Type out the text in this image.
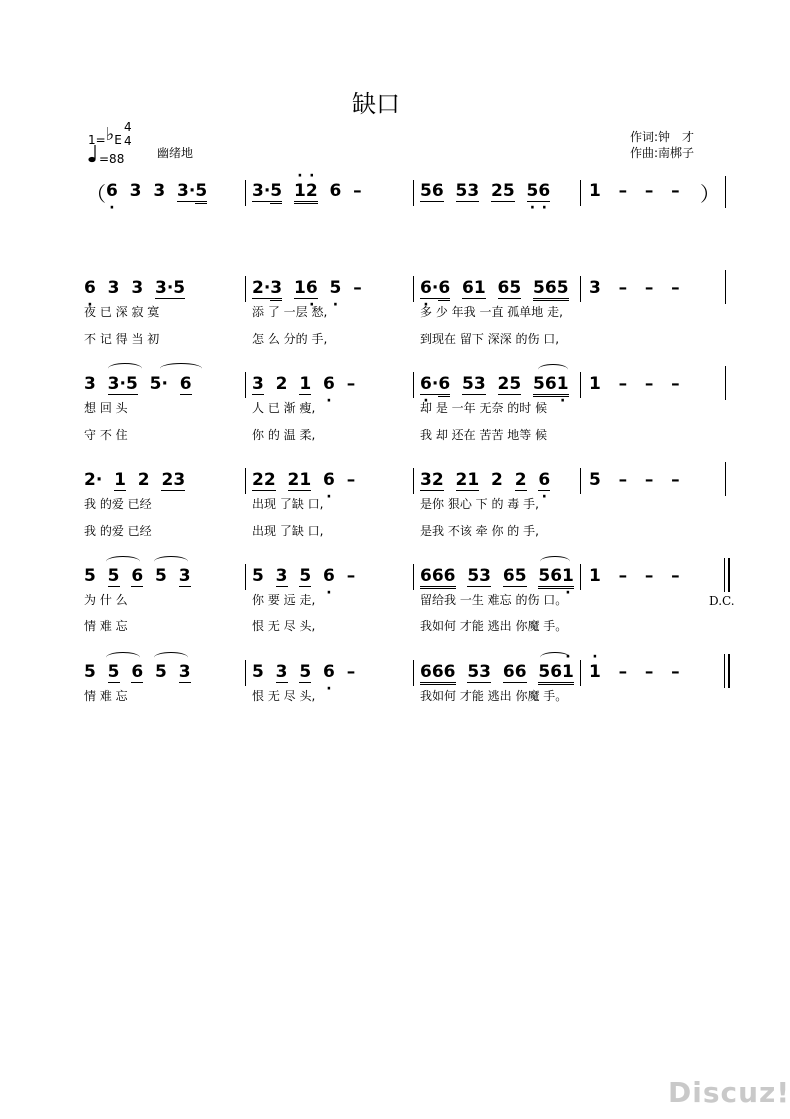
缺口
1=♭E
4
4
=88	幽绪地
作词:钟　才
作曲:南梆子
（ 6 ·  3  3  3·5	3·5 · 1· 2  6  –	56 53 25 5 ·6 · 1   –   –   – ）
6 ·  3  3  3·5	2·3 16 · 5 ·  –	6 ··6 61 65 565 3   –   –   –
夜 已 深 寂 寞	添 了 一层 愁,	多 少 年我 一直 孤单地 走,
不 记 得 当 初	怎 么 分的 手,	到现在 留下 深深 的伤 口,
3  3·5  5·  6	3  2  1 6 ·  –	6 ··6 53 25 561 · 1   –   –   –
想 回 头	人 已 渐 瘦,	却 是 一年 无奈 的时 候
守 不 住	你 的 温 柔,	我 却 还在 苦苦 地等 候
2·  1  2  23	22 21 6 ·  –	32 21  2  2 6 · 5   –   –   –
我 的爱 已经	出现 了缺 口,	是你 狠心 下 的 毒 手,
我 的爱 已经	出现 了缺 口,	是我 不该 牵 你 的 手,
5  5 6  5  3	5  3 5 6 ·  –	666 53 65 561 · 1   –   –   –
D.C.
为 什 么	你 要 远 走,	留给我 一生 难忘 的伤 口。
情 难 忘	恨 无 尽 头,	我如何 才能 逃出 你魔 手。
5  5 6  5  3	5  3 5 6 ·  –	666 53 66 56· 1 · 1   –   –   –
情 难 忘	恨 无 尽 头,	我如何 才能 逃出 你魔 手。
Discuz!
